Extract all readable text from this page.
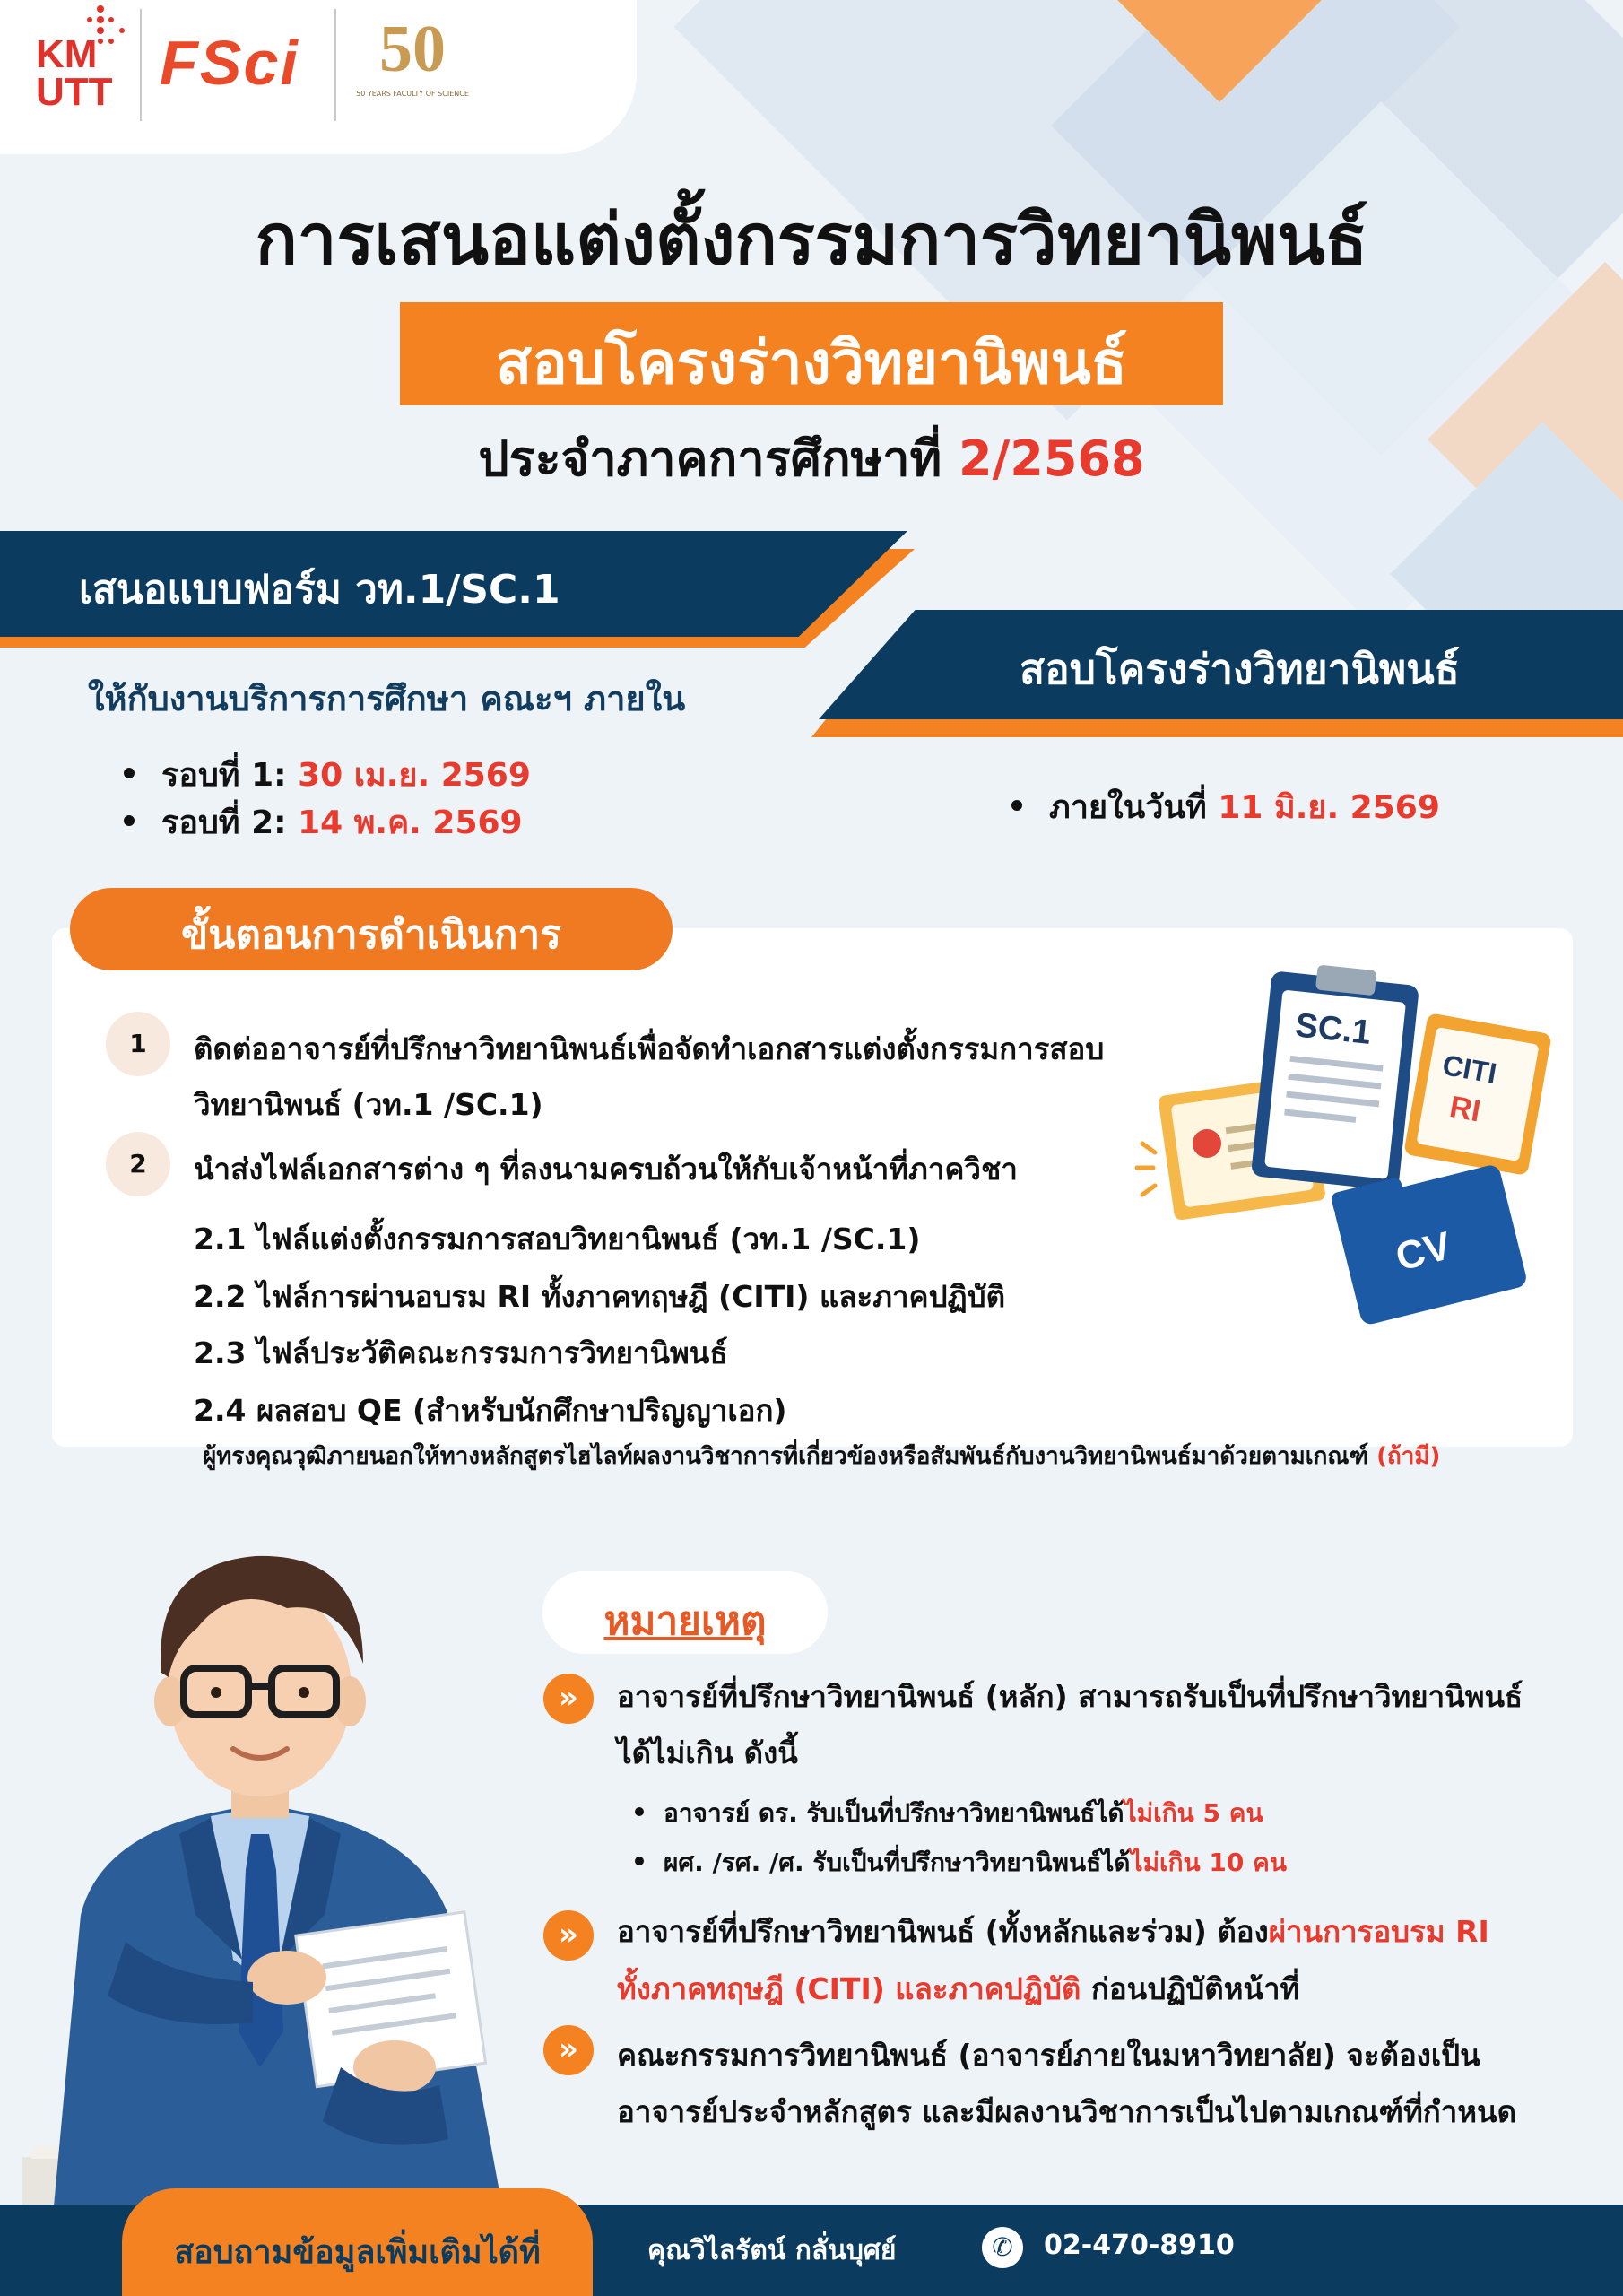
KM
UTT FSci	50
50 YEARS FACULTY OF SCIENCE
การเสนอแต่งตั้งกรรมการวิทยานิพนธ์
สอบโครงร่างวิทยานิพนธ์
ประจำภาคการศึกษาที่ 2/2568
เสนอแบบฟอร์ม วท.1/SC.1
ให้กับงานบริการการศึกษา คณะฯ ภายใน
รอบที่ 1: 30 เม.ย. 2569
รอบที่ 2: 14 พ.ค. 2569
สอบโครงร่างวิทยานิพนธ์
ภายในวันที่ 11 มิ.ย. 2569
ขั้นตอนการดำเนินการ
1	ติดต่ออาจารย์ที่ปรึกษาวิทยานิพนธ์เพื่อจัดทำเอกสารแต่งตั้งกรรมการสอบ
วิทยานิพนธ์ (วท.1 /SC.1)
2	นำส่งไฟล์เอกสารต่าง ๆ ที่ลงนามครบถ้วนให้กับเจ้าหน้าที่ภาควิชา
2.1 ไฟล์แต่งตั้งกรรมการสอบวิทยานิพนธ์ (วท.1 /SC.1)
2.2 ไฟล์การผ่านอบรม RI ทั้งภาคทฤษฎี (CITI) และภาคปฏิบัติ
2.3 ไฟล์ประวัติคณะกรรมการวิทยานิพนธ์
2.4 ผลสอบ QE (สำหรับนักศึกษาปริญญาเอก)
ผู้ทรงคุณวุฒิภายนอกให้ทางหลักสูตรไฮไลท์ผลงานวิชาการที่เกี่ยวข้องหรือสัมพันธ์กับงานวิทยานิพนธ์มาด้วยตามเกณฑ์ (ถ้ามี)
SC.1
CITI
RI
CV
หมายเหตุ
»	อาจารย์ที่ปรึกษาวิทยานิพนธ์ (หลัก) สามารถรับเป็นที่ปรึกษาวิทยานิพนธ์
ได้ไม่เกิน ดังนี้
อาจารย์ ดร. รับเป็นที่ปรึกษาวิทยานิพนธ์ได้ไม่เกิน 5 คน
ผศ. /รศ. /ศ. รับเป็นที่ปรึกษาวิทยานิพนธ์ได้ไม่เกิน 10 คน
»	อาจารย์ที่ปรึกษาวิทยานิพนธ์ (ทั้งหลักและร่วม) ต้องผ่านการอบรม RI
ทั้งภาคทฤษฎี (CITI) และภาคปฏิบัติ ก่อนปฏิบัติหน้าที่
»	คณะกรรมการวิทยานิพนธ์ (อาจารย์ภายในมหาวิทยาลัย) จะต้องเป็น
อาจารย์ประจำหลักสูตร และมีผลงานวิชาการเป็นไปตามเกณฑ์ที่กำหนด
สอบถามข้อมูลเพิ่มเติมได้ที่	คุณวิไลรัตน์ กลั่นบุศย์	✆	02-470-8910
